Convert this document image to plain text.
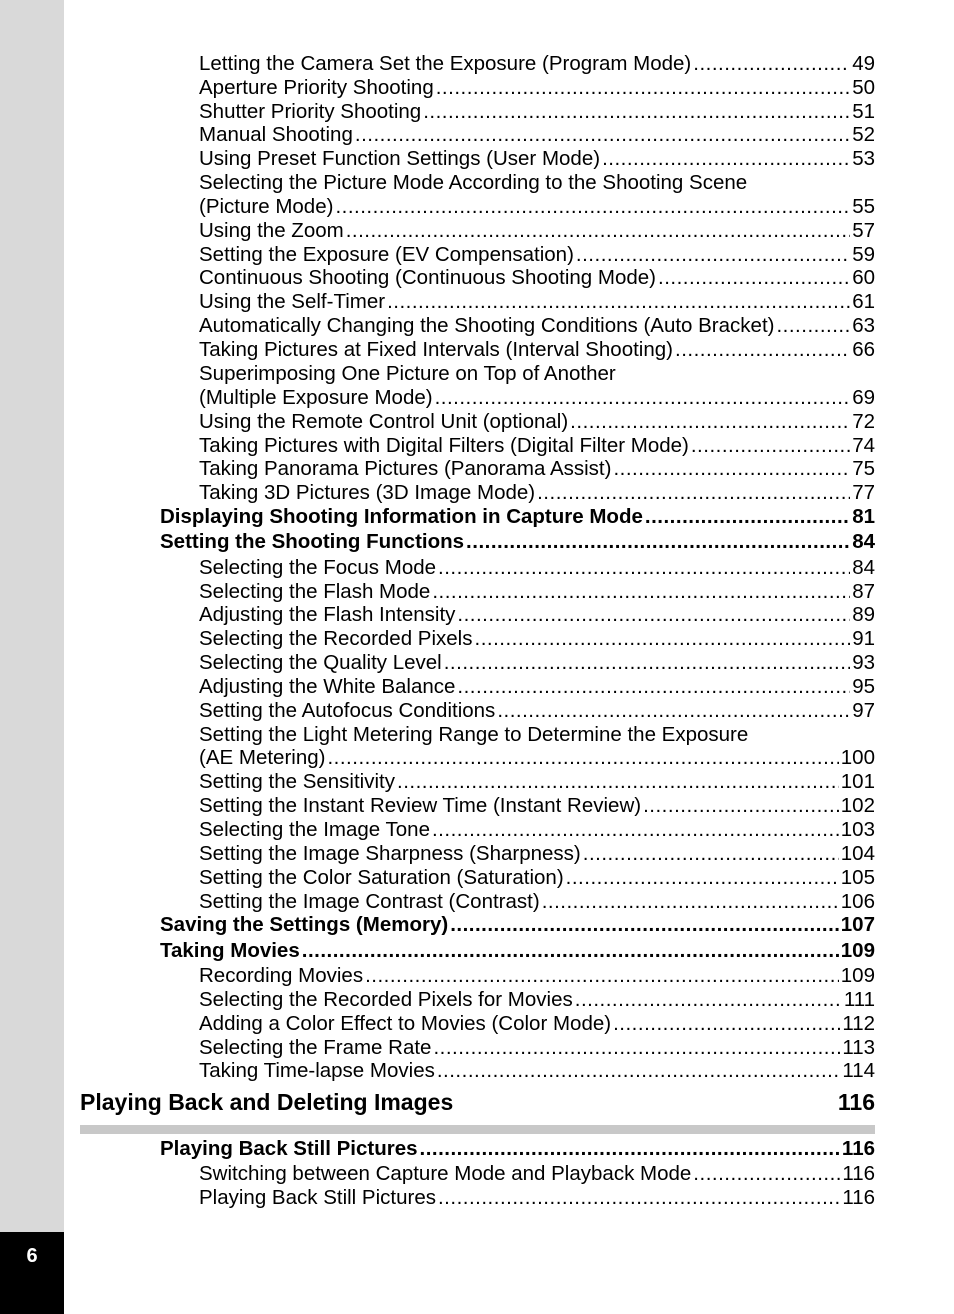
6
Letting the Camera Set the Exposure (Program Mode) .....	49
Aperture Priority Shooting .....	50
Shutter Priority Shooting .....	51
Manual Shooting .....	52
Using Preset Function Settings (User Mode) .....	53
Selecting the Picture Mode According to the Shooting Scene
(Picture Mode) .....	55
Using the Zoom .....	57
Setting the Exposure (EV Compensation) .....	59
Continuous Shooting (Continuous Shooting Mode) .....	60
Using the Self-Timer .....	61
Automatically Changing the Shooting Conditions (Auto Bracket) .....	63
Taking Pictures at Fixed Intervals (Interval Shooting) .....	66
Superimposing One Picture on Top of Another
(Multiple Exposure Mode) .....	69
Using the Remote Control Unit (optional) .....	72
Taking Pictures with Digital Filters (Digital Filter Mode) .....	74
Taking Panorama Pictures (Panorama Assist) .....	75
Taking 3D Pictures (3D Image Mode) .....	77
Displaying Shooting Information in Capture Mode .....	81
Setting the Shooting Functions .....	84
Selecting the Focus Mode .....	84
Selecting the Flash Mode .....	87
Adjusting the Flash Intensity .....	89
Selecting the Recorded Pixels .....	91
Selecting the Quality Level .....	93
Adjusting the White Balance .....	95
Setting the Autofocus Conditions .....	97
Setting the Light Metering Range to Determine the Exposure
(AE Metering) .....	100
Setting the Sensitivity .....	101
Setting the Instant Review Time (Instant Review) .....	102
Selecting the Image Tone .....	103
Setting the Image Sharpness (Sharpness) .....	104
Setting the Color Saturation (Saturation) .....	105
Setting the Image Contrast (Contrast) .....	106
Saving the Settings (Memory) .....	107
Taking Movies .....	109
Recording Movies .....	109
Selecting the Recorded Pixels for Movies .....	111
Adding a Color Effect to Movies (Color Mode) .....	112
Selecting the Frame Rate .....	113
Taking Time-lapse Movies .....	114
Playing Back and Deleting Images	116
Playing Back Still Pictures .....	116
Switching between Capture Mode and Playback Mode .....	116
Playing Back Still Pictures .....	116
